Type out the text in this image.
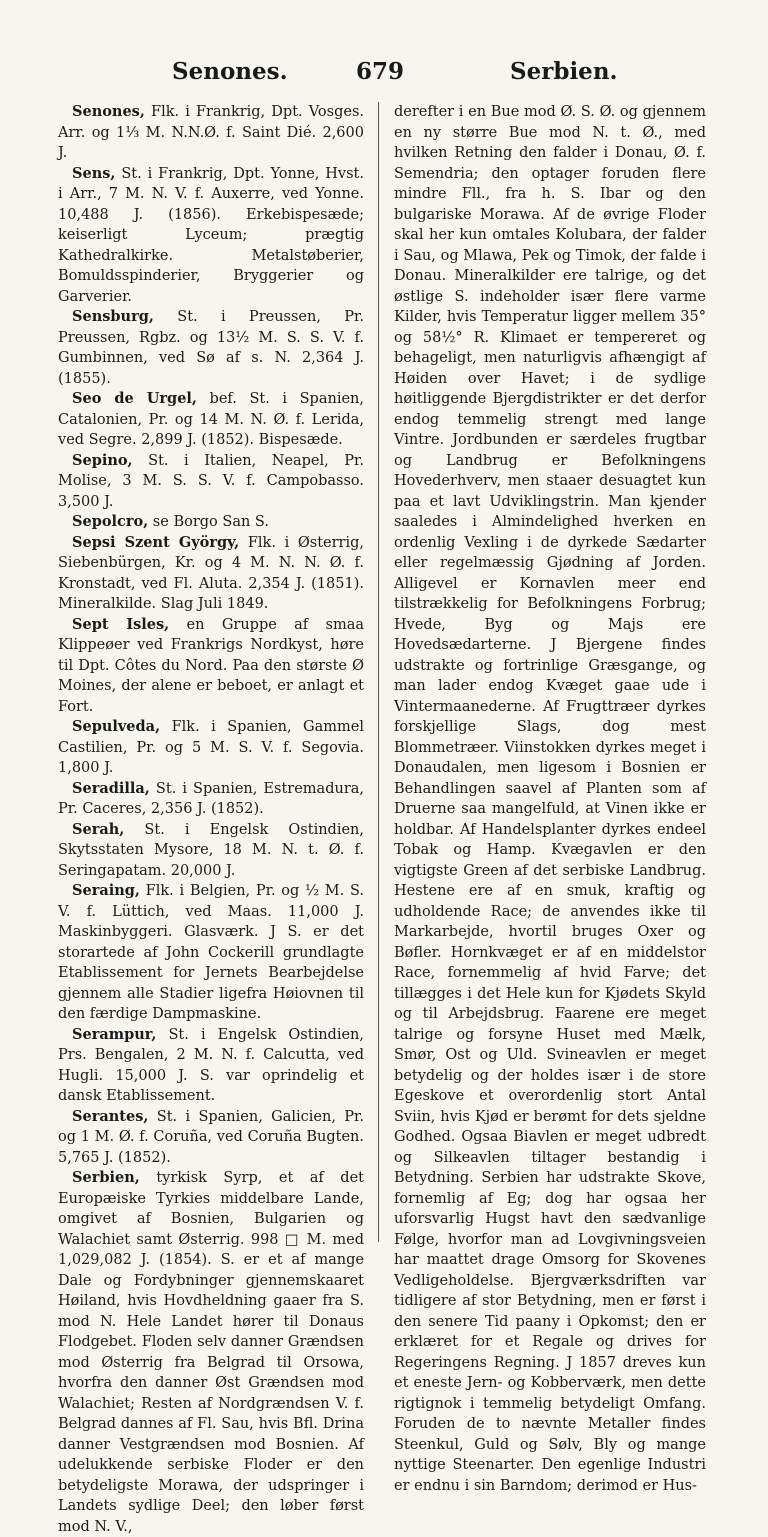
Senones.	679	Serbien.

Senones, Flk. i Frankrig, Dpt. Vosges. Arr. og 1⅓ M. N.N.Ø. f. Saint Dié. 2,600 J.

Sens, St. i Frankrig, Dpt. Yonne, Hvst. i Arr., 7 M. N. V. f. Auxerre, ved Yonne. 10,488 J. (1856). Erkebispesæde; keiserligt Lyceum; prægtig Kathedralkirke. Metalstøberier, Bomuldsspinderier, Bryggerier og Garverier.

Sensburg, St. i Preussen, Pr. Preussen, Rgbz. og 13½ M. S. S. V. f. Gumbinnen, ved Sø af s. N. 2,364 J. (1855).

Seo de Urgel, bef. St. i Spanien, Catalonien, Pr. og 14 M. N. Ø. f. Lerida, ved Segre. 2,899 J. (1852). Bispesæde.

Sepino, St. i Italien, Neapel, Pr. Molise, 3 M. S. S. V. f. Campobasso. 3,500 J.

Sepolcro, se Borgo San S.

Sepsi Szent György, Flk. i Østerrig, Siebenbürgen, Kr. og 4 M. N. N. Ø. f. Kronstadt, ved Fl. Aluta. 2,354 J. (1851). Mineralkilde. Slag Juli 1849.

Sept Isles, en Gruppe af smaa Klippeøer ved Frankrigs Nordkyst, høre til Dpt. Côtes du Nord. Paa den største Ø Moines, der alene er beboet, er anlagt et Fort.

Sepulveda, Flk. i Spanien, Gammel Castilien, Pr. og 5 M. S. V. f. Segovia. 1,800 J.

Seradilla, St. i Spanien, Estremadura, Pr. Caceres, 2,356 J. (1852).

Serah, St. i Engelsk Ostindien, Skytsstaten Mysore, 18 M. N. t. Ø. f. Seringapatam. 20,000 J.

Seraing, Flk. i Belgien, Pr. og ½ M. S. V. f. Lüttich, ved Maas. 11,000 J. Maskinbyggeri. Glasværk. J S. er det storartede af John Cockerill grundlagte Etablissement for Jernets Bearbejdelse gjennem alle Stadier ligefra Høiovnen til den færdige Dampmaskine.

Serampur, St. i Engelsk Ostindien, Prs. Bengalen, 2 M. N. f. Calcutta, ved Hugli. 15,000 J. S. var oprindelig et dansk Etablissement.

Serantes, St. i Spanien, Galicien, Pr. og 1 M. Ø. f. Coruña, ved Coruña Bugten. 5,765 J. (1852).

Serbien, tyrkisk Syrp, et af det Europæiske Tyrkies middelbare Lande, omgivet af Bosnien, Bulgarien og Walachiet samt Østerrig. 998 □ M. med 1,029,082 J. (1854). S. er et af mange Dale og Fordybninger gjennemskaaret Høiland, hvis Hovdheldning gaaer fra S. mod N. Hele Landet hører til Donaus Flodgebet. Floden selv danner Grændsen mod Østerrig fra Belgrad til Orsowa, hvorfra den danner Øst Grændsen mod Walachiet; Resten af Nordgrændsen V. f. Belgrad dannes af Fl. Sau, hvis Bfl. Drina danner Vestgrændsen mod Bosnien. Af udelukkende serbiske Floder er den betydeligste Morawa, der udspringer i Landets sydlige Deel; den løber først mod N. V.,

derefter i en Bue mod Ø. S. Ø. og gjennem en ny større Bue mod N. t. Ø., med hvilken Retning den falder i Donau, Ø. f. Semendria; den optager foruden flere mindre Fll., fra h. S. Ibar og den bulgariske Morawa. Af de øvrige Floder skal her kun omtales Kolubara, der falder i Sau, og Mlawa, Pek og Timok, der falde i Donau. Mineralkilder ere talrige, og det østlige S. indeholder især flere varme Kilder, hvis Temperatur ligger mellem 35° og 58½° R. Klimaet er tempereret og behageligt, men naturligvis afhængigt af Høiden over Havet; i de sydlige høitliggende Bjergdistrikter er det derfor endog temmelig strengt med lange Vintre. Jordbunden er særdeles frugtbar og Landbrug er Befolkningens Hovederhverv, men staaer desuagtet kun paa et lavt Udviklingstrin. Man kjender saaledes i Almindelighed hverken en ordenlig Vexling i de dyrkede Sædarter eller regelmæssig Gjødning af Jorden. Alligevel er Kornavlen meer end tilstrækkelig for Befolkningens Forbrug; Hvede, Byg og Majs ere Hovedsædarterne. J Bjergene findes udstrakte og fortrinlige Græsgange, og man lader endog Kvæget gaae ude i Vintermaanederne. Af Frugttræer dyrkes forskjellige Slags, dog mest Blommetræer. Viinstokken dyrkes meget i Donaudalen, men ligesom i Bosnien er Behandlingen saavel af Planten som af Druerne saa mangelfuld, at Vinen ikke er holdbar. Af Handelsplanter dyrkes endeel Tobak og Hamp. Kvægavlen er den vigtigste Green af det serbiske Landbrug. Hestene ere af en smuk, kraftig og udholdende Race; de anvendes ikke til Markarbejde, hvortil bruges Oxer og Bøfler. Hornkvæget er af en middelstor Race, fornemmelig af hvid Farve; det tillægges i det Hele kun for Kjødets Skyld og til Arbejdsbrug. Faarene ere meget talrige og forsyne Huset med Mælk, Smør, Ost og Uld. Svineavlen er meget betydelig og der holdes især i de store Egeskove et overordenlig stort Antal Sviin, hvis Kjød er berømt for dets sjeldne Godhed. Ogsaa Biavlen er meget udbredt og Silkeavlen tiltager bestandig i Betydning. Serbien har udstrakte Skove, fornemlig af Eg; dog har ogsaa her uforsvarlig Hugst havt den sædvanlige Følge, hvorfor man ad Lovgivningsveien har maattet drage Omsorg for Skovenes Vedligeholdelse. Bjergværksdriften var tidligere af stor Betydning, men er først i den senere Tid paany i Opkomst; den er erklæret for et Regale og drives for Regeringens Regning. J 1857 dreves kun et eneste Jern- og Kobberværk, men dette rigtignok i temmelig betydeligt Omfang. Foruden de to nævnte Metaller findes Steenkul, Guld og Sølv, Bly og mange nyttige Steenarter. Den egenlige Industri er endnu i sin Barndom; derimod er Hus-
